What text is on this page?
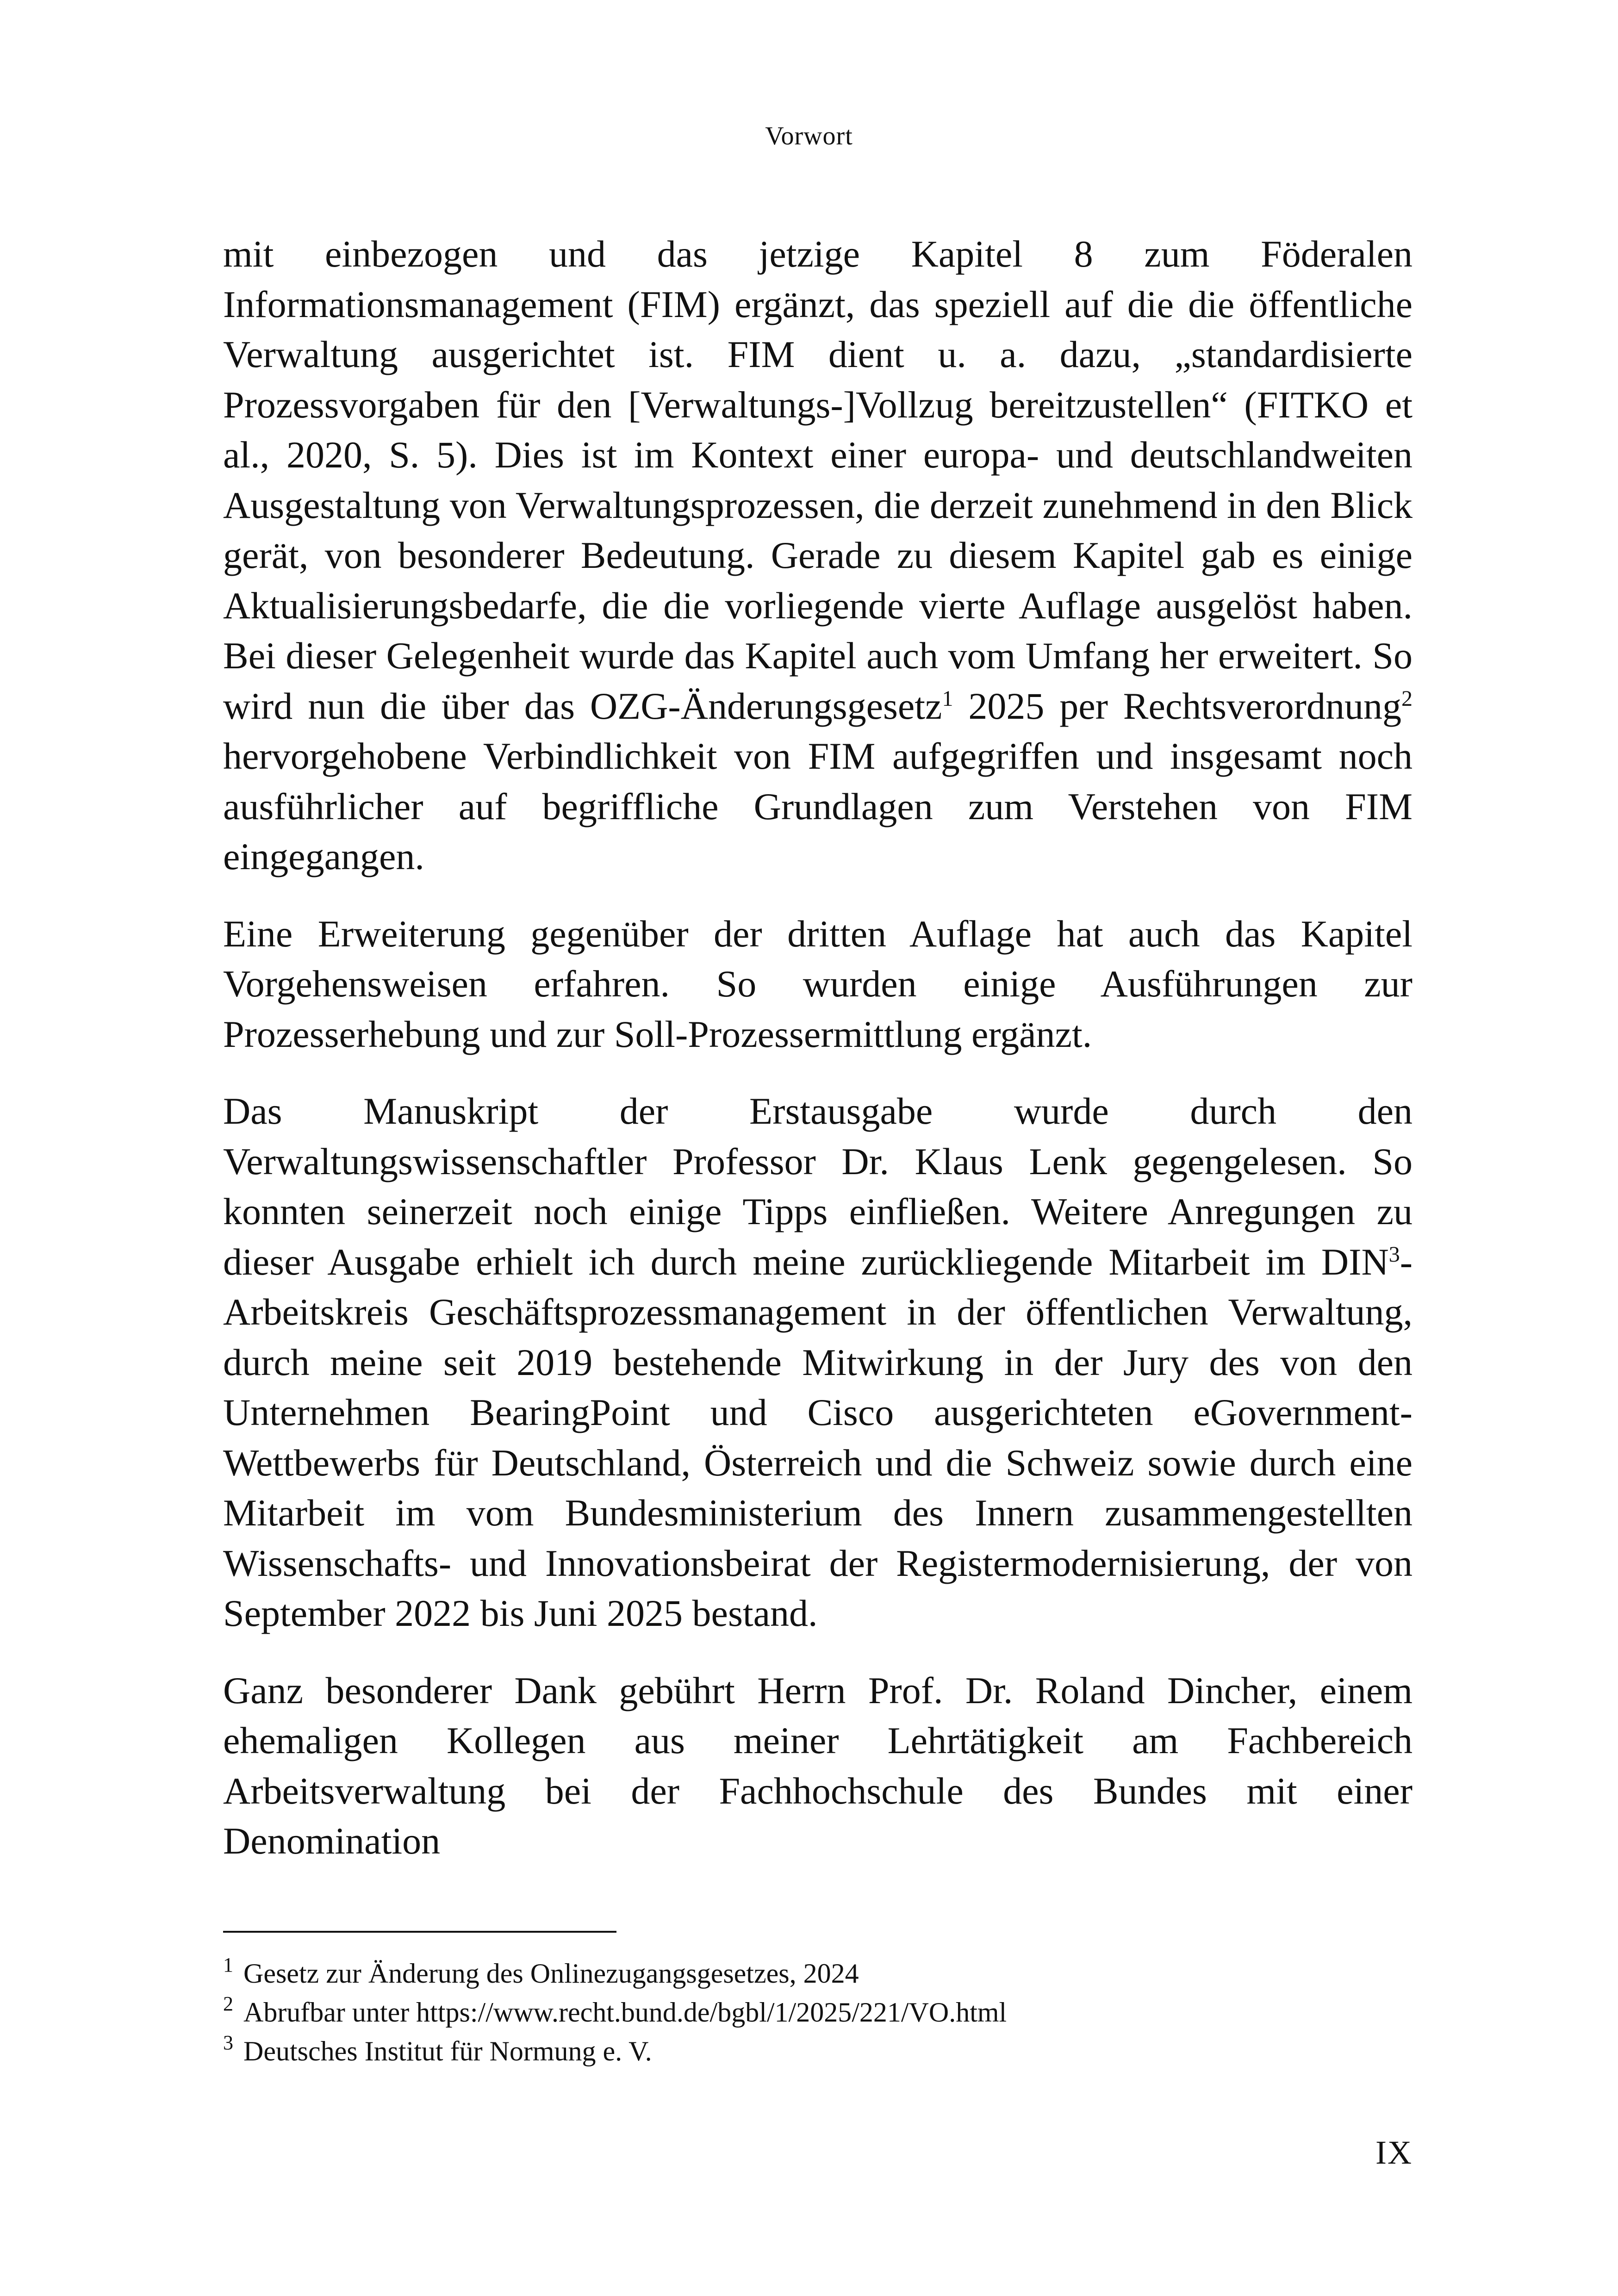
Vorwort

mit einbezogen und das jetzige Kapitel 8 zum Föderalen Informationsmanagement (FIM) ergänzt, das speziell auf die die öffentliche Verwaltung ausgerichtet ist. FIM dient u. a. dazu, „standardisierte Prozessvorgaben für den [Verwaltungs-]Vollzug bereitzustellen“ (FITKO et al., 2020, S. 5). Dies ist im Kontext einer europa- und deutschlandweiten Ausgestaltung von Verwaltungsprozessen, die derzeit zunehmend in den Blick gerät, von besonderer Bedeutung. Gerade zu diesem Kapitel gab es einige Aktualisierungsbedarfe, die die vorliegende vierte Auflage ausgelöst haben. Bei dieser Gelegenheit wurde das Kapitel auch vom Umfang her erweitert. So wird nun die über das OZG-Änderungsgesetz$^1$ 2025 per Rechtsverordnung$^2$ hervorgehobene Verbindlichkeit von FIM aufgegriffen und insgesamt noch ausführlicher auf begriffliche Grundlagen zum Verstehen von FIM eingegangen.

Eine Erweiterung gegenüber der dritten Auflage hat auch das Kapitel Vorgehensweisen erfahren. So wurden einige Ausführungen zur Prozesserhebung und zur Soll-Prozessermittlung ergänzt.

Das Manuskript der Erstausgabe wurde durch den Verwaltungswissenschaftler Professor Dr. Klaus Lenk gegengelesen. So konnten seinerzeit noch einige Tipps einfließen. Weitere Anregungen zu dieser Ausgabe erhielt ich durch meine zurückliegende Mitarbeit im DIN$^3$-Arbeitskreis Geschäftsprozessmanagement in der öffentlichen Verwaltung, durch meine seit 2019 bestehende Mitwirkung in der Jury des von den Unternehmen BearingPoint und Cisco ausgerichteten eGovernment-Wettbewerbs für Deutschland, Österreich und die Schweiz sowie durch eine Mitarbeit im vom Bundesministerium des Innern zusammengestellten Wissenschafts- und Innovationsbeirat der Registermodernisierung, der von September 2022 bis Juni 2025 bestand.

Ganz besonderer Dank gebührt Herrn Prof. Dr. Roland Dincher, einem ehemaligen Kollegen aus meiner Lehrtätigkeit am Fachbereich Arbeitsverwaltung bei der Fachhochschule des Bundes mit einer Denomination

$^1$ Gesetz zur Änderung des Onlinezugangsgesetzes, 2024

$^2$ Abrufbar unter https://www.recht.bund.de/bgbl/1/2025/221/VO.html

$^3$ Deutsches Institut für Normung e. V.

IX
